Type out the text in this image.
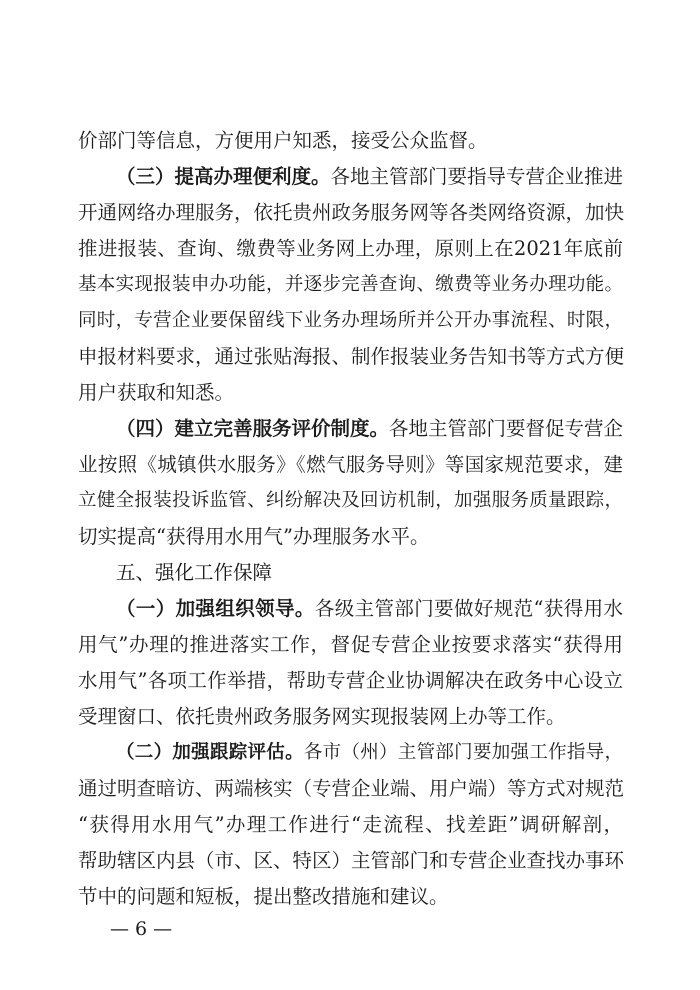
价部门等信息，方便用户知悉，接受公众监督。
（三）提高办理便利度。各地主管部门要指导专营企业推进
开通网络办理服务，依托贵州政务服务网等各类网络资源，加快
推进报装、查询、缴费等业务网上办理，原则上在2021年底前
基本实现报装申办功能，并逐步完善查询、缴费等业务办理功能。
同时，专营企业要保留线下业务办理场所并公开办事流程、时限，
申报材料要求，通过张贴海报、制作报装业务告知书等方式方便
用户获取和知悉。
（四）建立完善服务评价制度。各地主管部门要督促专营企
业按照《城镇供水服务》《燃气服务导则》等国家规范要求，建
立健全报装投诉监管、纠纷解决及回访机制，加强服务质量跟踪，
切实提高“获得用水用气”办理服务水平。
五、强化工作保障
（一）加强组织领导。各级主管部门要做好规范“获得用水
用气”办理的推进落实工作，督促专营企业按要求落实“获得用
水用气”各项工作举措，帮助专营企业协调解决在政务中心设立
受理窗口、依托贵州政务服务网实现报装网上办等工作。
（二）加强跟踪评估。各市（州）主管部门要加强工作指导，
通过明查暗访、两端核实（专营企业端、用户端）等方式对规范
“获得用水用气”办理工作进行“走流程、找差距”调研解剖，
帮助辖区内县（市、区、特区）主管部门和专营企业查找办事环
节中的问题和短板，提出整改措施和建议。
— 6 —
